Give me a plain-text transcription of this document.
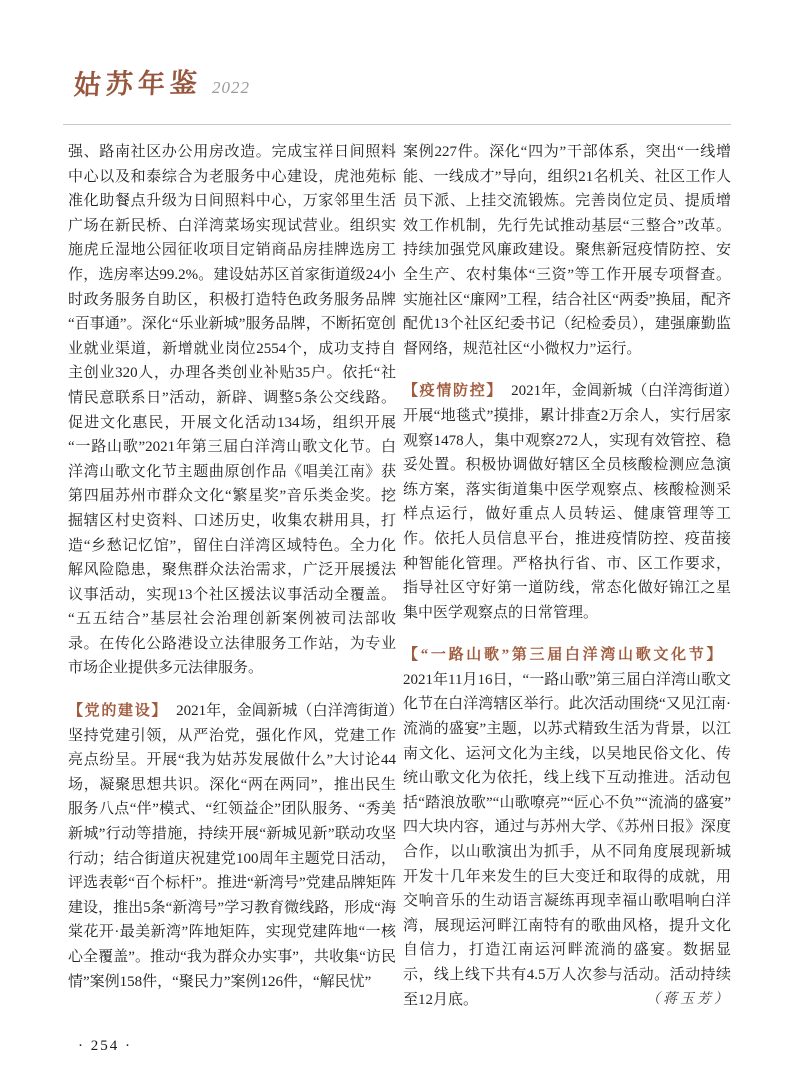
姑苏年鉴 2022

强、路南社区办公用房改造。完成宝祥日间照料中心以及和泰综合为老服务中心建设，虎池苑标准化助餐点升级为日间照料中心，万家邻里生活广场在新民桥、白洋湾菜场实现试营业。组织实施虎丘湿地公园征收项目定销商品房挂牌选房工作，选房率达99.2%。建设姑苏区首家街道级24小时政务服务自助区，积极打造特色政务服务品牌“百事通”。深化“乐业新城”服务品牌，不断拓宽创业就业渠道，新增就业岗位2554个，成功支持自主创业320人，办理各类创业补贴35户。依托“社情民意联系日”活动，新辟、调整5条公交线路。促进文化惠民，开展文化活动134场，组织开展“一路山歌”2021年第三届白洋湾山歌文化节。白洋湾山歌文化节主题曲原创作品《唱美江南》获第四届苏州市群众文化“繁星奖”音乐类金奖。挖掘辖区村史资料、口述历史，收集农耕用具，打造“乡愁记忆馆”，留住白洋湾区域特色。全力化解风险隐患，聚焦群众法治需求，广泛开展援法议事活动，实现13个社区援法议事活动全覆盖。“五五结合”基层社会治理创新案例被司法部收录。在传化公路港设立法律服务工作站，为专业市场企业提供多元法律服务。

【党的建设】 2021年，金阊新城（白洋湾街道）坚持党建引领，从严治党，强化作风，党建工作亮点纷呈。开展“我为姑苏发展做什么”大讨论44场，凝聚思想共识。深化“两在两同”，推出民生服务八点“伴”模式、“红领益企”团队服务、“秀美新城”行动等措施，持续开展“新城见新”联动攻坚行动；结合街道庆祝建党100周年主题党日活动，评选表彰“百个标杆”。推进“新湾号”党建品牌矩阵建设，推出5条“新湾号”学习教育微线路，形成“海棠花开·最美新湾”阵地矩阵，实现党建阵地“一核心全覆盖”。推动“我为群众办实事”，共收集“访民情”案例158件，“聚民力”案例126件，“解民忧”

案例227件。深化“四为”干部体系，突出“一线增能、一线成才”导向，组织21名机关、社区工作人员下派、上挂交流锻炼。完善岗位定员、提质增效工作机制，先行先试推动基层“三整合”改革。持续加强党风廉政建设。聚焦新冠疫情防控、安全生产、农村集体“三资”等工作开展专项督查。实施社区“廉网”工程，结合社区“两委”换届，配齐配优13个社区纪委书记（纪检委员），建强廉勤监督网络，规范社区“小微权力”运行。

【疫情防控】 2021年，金阊新城（白洋湾街道）开展“地毯式”摸排，累计排查2万余人，实行居家观察1478人，集中观察272人，实现有效管控、稳妥处置。积极协调做好辖区全员核酸检测应急演练方案，落实街道集中医学观察点、核酸检测采样点运行，做好重点人员转运、健康管理等工作。依托人员信息平台，推进疫情防控、疫苗接种智能化管理。严格执行省、市、区工作要求，指导社区守好第一道防线，常态化做好锦江之星集中医学观察点的日常管理。

【“一路山歌”第三届白洋湾山歌文化节】2021年11月16日，“一路山歌”第三届白洋湾山歌文化节在白洋湾辖区举行。此次活动围绕“又见江南·流淌的盛宴”主题，以苏式精致生活为背景，以江南文化、运河文化为主线，以吴地民俗文化、传统山歌文化为依托，线上线下互动推进。活动包括“踏浪放歌”“山歌嘹亮”“匠心不负”“流淌的盛宴”四大块内容，通过与苏州大学、《苏州日报》深度合作，以山歌演出为抓手，从不同角度展现新城开发十几年来发生的巨大变迁和取得的成就，用交响音乐的生动语言凝练再现幸福山歌唱响白洋湾，展现运河畔江南特有的歌曲风格，提升文化自信力，打造江南运河畔流淌的盛宴。数据显示，线上线下共有4.5万人次参与活动。活动持续至12月底。	（蒋玉芳）

· 254 ·
